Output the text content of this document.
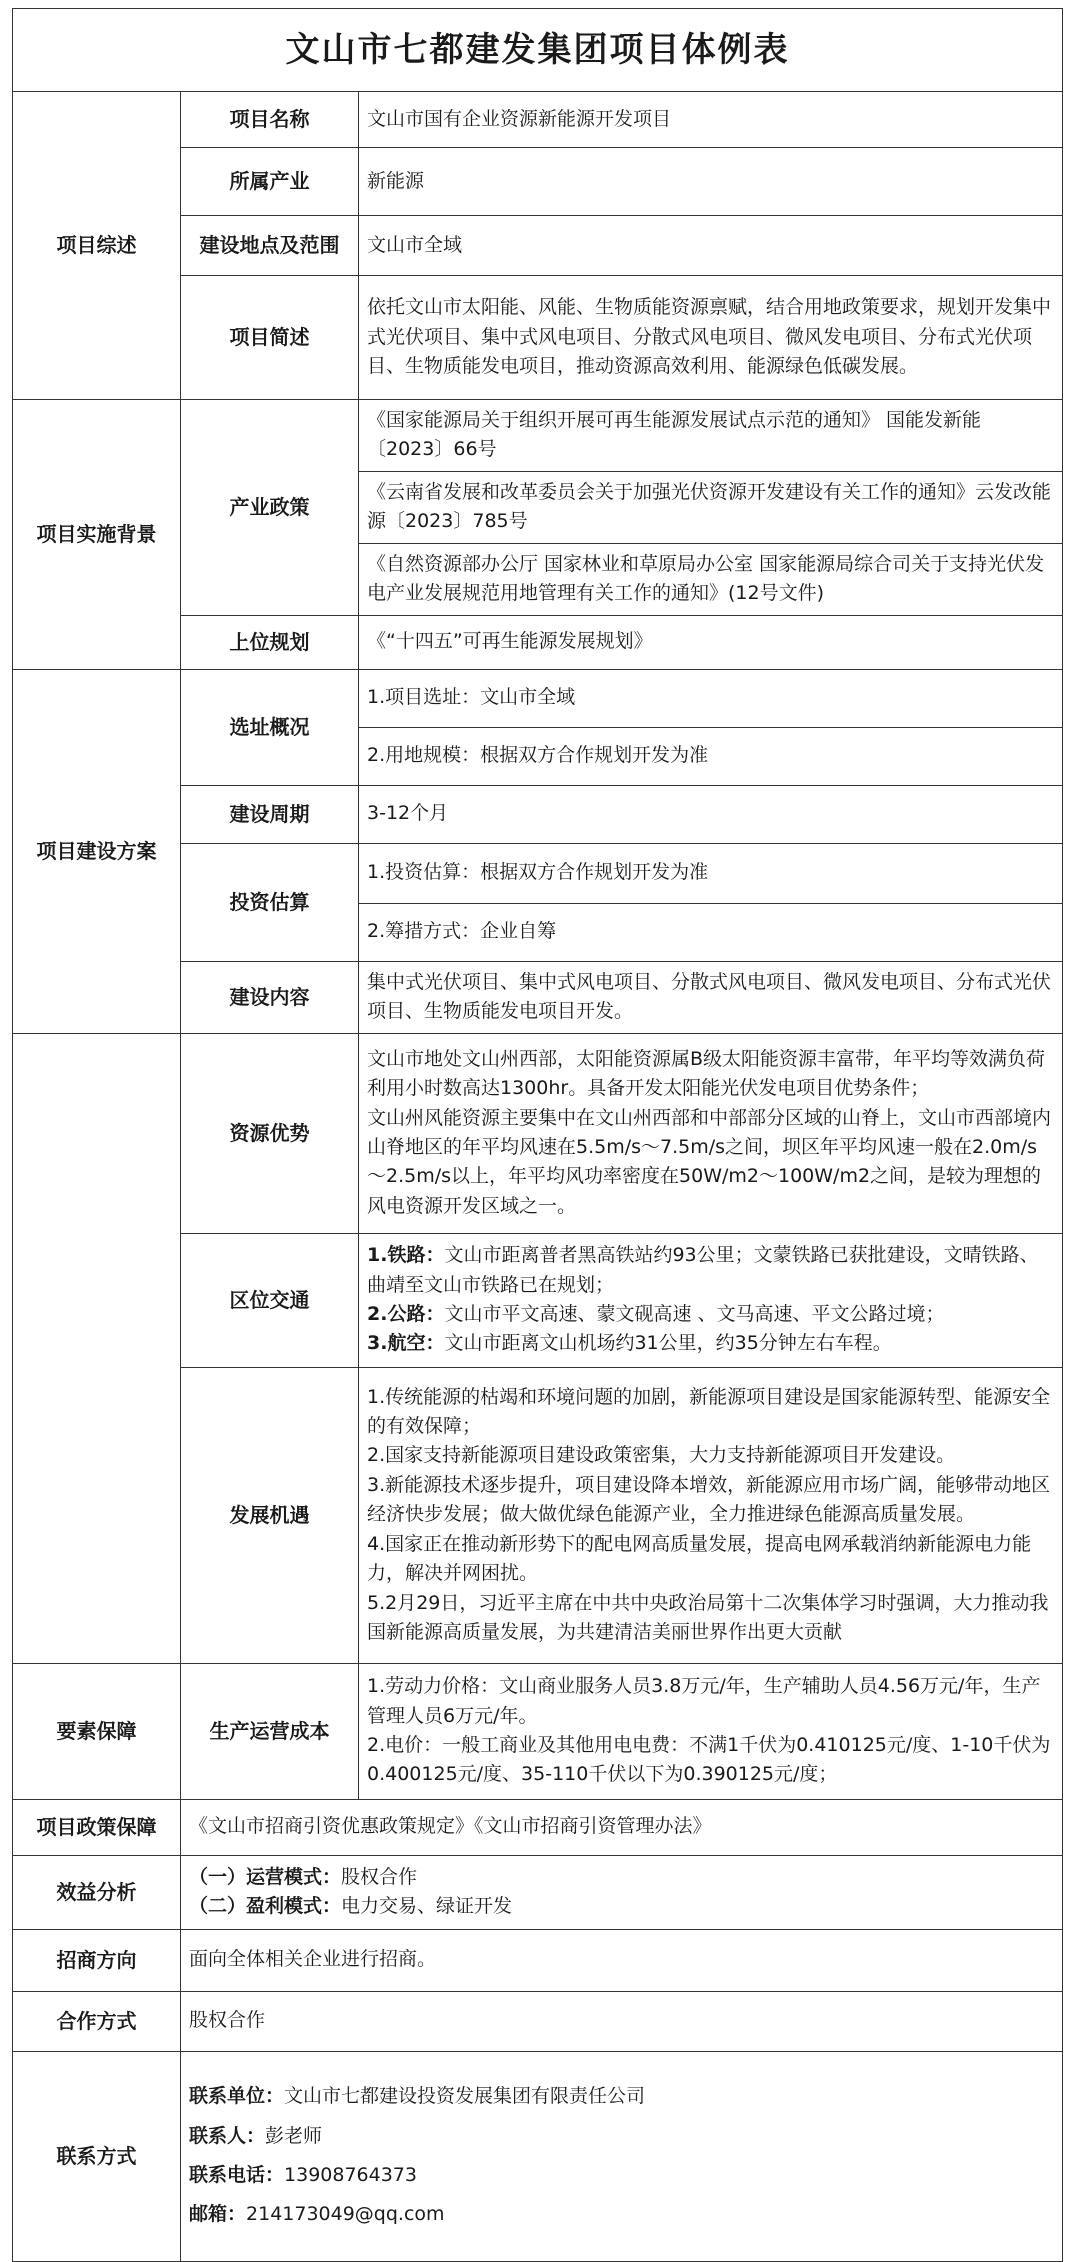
文山市七都建发集团项目体例表		
项目综述	项目名称	文山市国有企业资源新能源开发项目
	所属产业	新能源
	建设地点及范围	文山市全域
	项目简述	依托文山市太阳能、风能、生物质能资源禀赋，结合用地政策要求，规划开发集中式光伏项目、集中式风电项目、分散式风电项目、微风发电项目、分布式光伏项目、生物质能发电项目，推动资源高效利用、能源绿色低碳发展。
项目实施背景	产业政策	《国家能源局关于组织开展可再生能源发展试点示范的通知》 国能发新能〔2023〕66号
		《云南省发展和改革委员会关于加强光伏资源开发建设有关工作的通知》云发改能源〔2023〕785号
		《自然资源部办公厅 国家林业和草原局办公室 国家能源局综合司关于支持光伏发电产业发展规范用地管理有关工作的通知》(12号文件)
	上位规划	《“十四五”可再生能源发展规划》
项目建设方案	选址概况	1.项目选址：文山市全域
		2.用地规模：根据双方合作规划开发为准
	建设周期	3-12个月
	投资估算	1.投资估算：根据双方合作规划开发为准
		2.筹措方式：企业自筹
	建设内容	集中式光伏项目、集中式风电项目、分散式风电项目、微风发电项目、分布式光伏项目、生物质能发电项目开发。
	资源优势	文山市地处文山州西部，太阳能资源属B级太阳能资源丰富带，年平均等效满负荷利用小时数高达1300hr。具备开发太阳能光伏发电项目优势条件；
文山州风能资源主要集中在文山州西部和中部部分区域的山脊上，文山市西部境内山脊地区的年平均风速在5.5m/s～7.5m/s之间，坝区年平均风速一般在2.0m/s～2.5m/s以上，年平均风功率密度在50W/m2～100W/m2之间，是较为理想的风电资源开发区域之一。

	区位交通	1.铁路：文山市距离普者黑高铁站约93公里；文蒙铁路已获批建设，文晴铁路、曲靖至文山市铁路已在规划；
2.公路：文山市平文高速、蒙文砚高速 、文马高速、平文公路过境；
3.航空：文山市距离文山机场约31公里，约35分钟左右车程。

	发展机遇	1.传统能源的枯竭和环境问题的加剧，新能源项目建设是国家能源转型、能源安全的有效保障；
2.国家支持新能源项目建设政策密集，大力支持新能源项目开发建设。
3.新能源技术逐步提升，项目建设降本增效，新能源应用市场广阔，能够带动地区经济快步发展；做大做优绿色能源产业，全力推进绿色能源高质量发展。
4.国家正在推动新形势下的配电网高质量发展，提高电网承载消纳新能源电力能力，解决并网困扰。
5.2月29日，习近平主席在中共中央政治局第十二次集体学习时强调，大力推动我国新能源高质量发展，为共建清洁美丽世界作出更大贡献

要素保障	生产运营成本	1.劳动力价格：文山商业服务人员3.8万元/年，生产辅助人员4.56万元/年，生产管理人员6万元/年。
2.电价：一般工商业及其他用电电费：不满1千伏为0.410125元/度、1-10千伏为0.400125元/度、35-110千伏以下为0.390125元/度；

项目政策保障	《文山市招商引资优惠政策规定》《文山市招商引资管理办法》	
效益分析	（一）运营模式：股权合作
（二）盈利模式：电力交易、绿证开发	

招商方向	面向全体相关企业进行招商。	
合作方式	股权合作	
联系方式	联系单位：文山市七都建设投资发展集团有限责任公司
联系人：彭老师
联系电话：13908764373
邮箱：214173049@qq.com	
